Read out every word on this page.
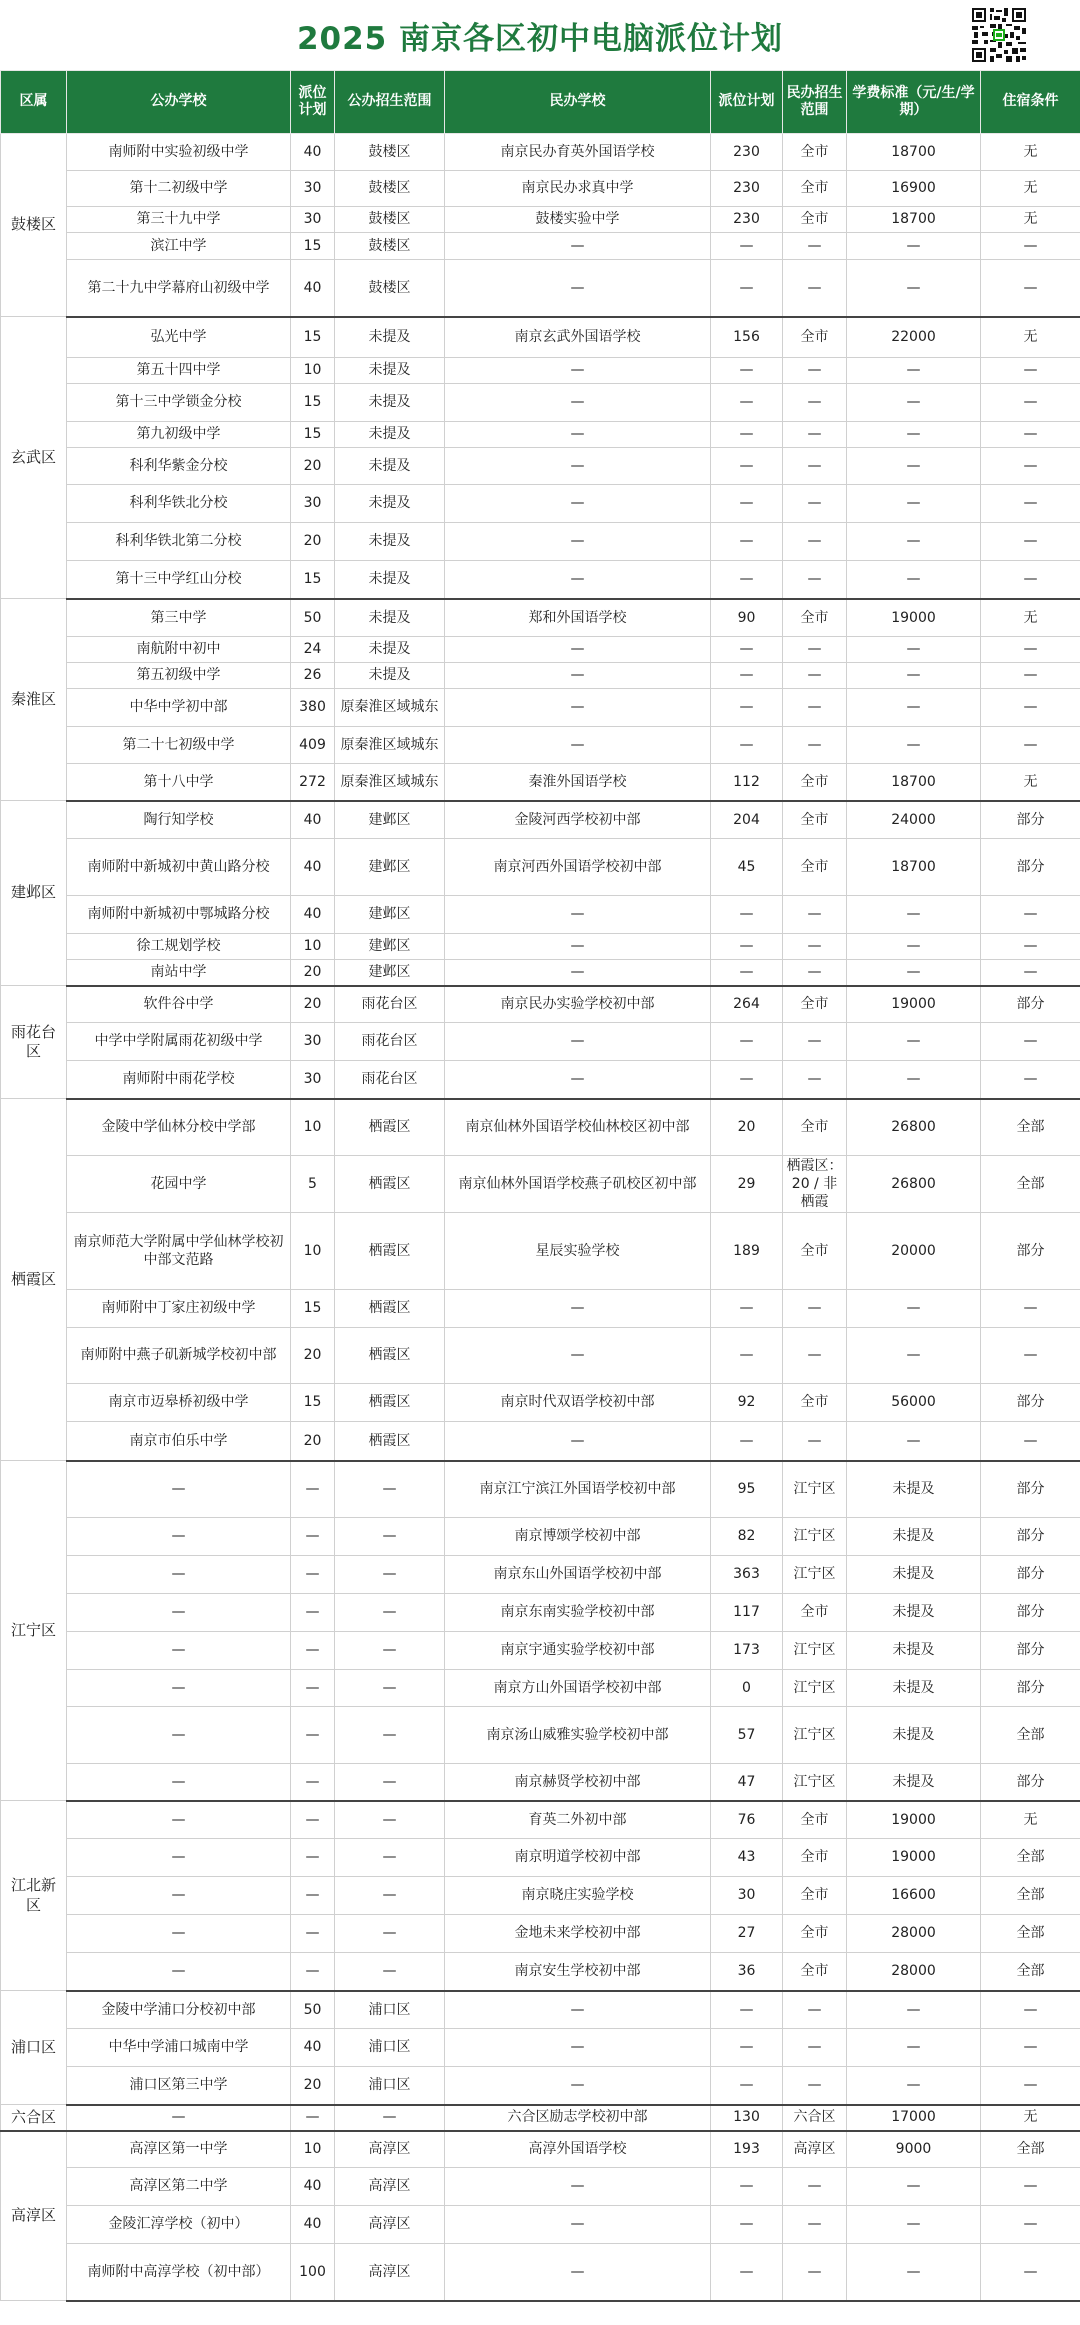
2025 南京各区初中电脑派位计划
区属	公办学校	派位计划	公办招生范围	民办学校	派位计划	民办招生范围	学费标准（元/生/学期）	住宿条件
鼓楼区	南师附中实验初级中学	40	鼓楼区	南京民办育英外国语学校	230	全市	18700	无
	第十二初级中学	30	鼓楼区	南京民办求真中学	230	全市	16900	无
	第三十九中学	30	鼓楼区	鼓楼实验中学	230	全市	18700	无
	滨江中学	15	鼓楼区	—	—	—	—	—
	第二十九中学幕府山初级中学	40	鼓楼区	—	—	—	—	—
玄武区	弘光中学	15	未提及	南京玄武外国语学校	156	全市	22000	无
	第五十四中学	10	未提及	—	—	—	—	—
	第十三中学锁金分校	15	未提及	—	—	—	—	—
	第九初级中学	15	未提及	—	—	—	—	—
	科利华紫金分校	20	未提及	—	—	—	—	—
	科利华铁北分校	30	未提及	—	—	—	—	—
	科利华铁北第二分校	20	未提及	—	—	—	—	—
	第十三中学红山分校	15	未提及	—	—	—	—	—
秦淮区	第三中学	50	未提及	郑和外国语学校	90	全市	19000	无
	南航附中初中	24	未提及	—	—	—	—	—
	第五初级中学	26	未提及	—	—	—	—	—
	中华中学初中部	380	原秦淮区域城东	—	—	—	—	—
	第二十七初级中学	409	原秦淮区域城东	—	—	—	—	—
	第十八中学	272	原秦淮区域城东	秦淮外国语学校	112	全市	18700	无
建邺区	陶行知学校	40	建邺区	金陵河西学校初中部	204	全市	24000	部分
	南师附中新城初中黄山路分校	40	建邺区	南京河西外国语学校初中部	45	全市	18700	部分
	南师附中新城初中鄂城路分校	40	建邺区	—	—	—	—	—
	徐工规划学校	10	建邺区	—	—	—	—	—
	南站中学	20	建邺区	—	—	—	—	—
雨花台区	软件谷中学	20	雨花台区	南京民办实验学校初中部	264	全市	19000	部分
	中学中学附属雨花初级中学	30	雨花台区	—	—	—	—	—
	南师附中雨花学校	30	雨花台区	—	—	—	—	—
栖霞区	金陵中学仙林分校中学部	10	栖霞区	南京仙林外国语学校仙林校区初中部	20	全市	26800	全部
	花园中学	5	栖霞区	南京仙林外国语学校燕子矶校区初中部	29	栖霞区：20 / 非栖霞	26800	全部
	南京师范大学附属中学仙林学校初中部文范路	10	栖霞区	星辰实验学校	189	全市	20000	部分
	南师附中丁家庄初级中学	15	栖霞区	—	—	—	—	—
	南师附中燕子矶新城学校初中部	20	栖霞区	—	—	—	—	—
	南京市迈皋桥初级中学	15	栖霞区	南京时代双语学校初中部	92	全市	56000	部分
	南京市伯乐中学	20	栖霞区	—	—	—	—	—
江宁区	—	—	—	南京江宁滨江外国语学校初中部	95	江宁区	未提及	部分
	—	—	—	南京博颂学校初中部	82	江宁区	未提及	部分
	—	—	—	南京东山外国语学校初中部	363	江宁区	未提及	部分
	—	—	—	南京东南实验学校初中部	117	全市	未提及	部分
	—	—	—	南京宇通实验学校初中部	173	江宁区	未提及	部分
	—	—	—	南京方山外国语学校初中部	0	江宁区	未提及	部分
	—	—	—	南京汤山威雅实验学校初中部	57	江宁区	未提及	全部
	—	—	—	南京赫贤学校初中部	47	江宁区	未提及	部分
江北新区	—	—	—	育英二外初中部	76	全市	19000	无
	—	—	—	南京明道学校初中部	43	全市	19000	全部
	—	—	—	南京晓庄实验学校	30	全市	16600	全部
	—	—	—	金地未来学校初中部	27	全市	28000	全部
	—	—	—	南京安生学校初中部	36	全市	28000	全部
浦口区	金陵中学浦口分校初中部	50	浦口区	—	—	—	—	—
	中华中学浦口城南中学	40	浦口区	—	—	—	—	—
	浦口区第三中学	20	浦口区	—	—	—	—	—
六合区	—	—	—	六合区励志学校初中部	130	六合区	17000	无
高淳区	高淳区第一中学	10	高淳区	高淳外国语学校	193	高淳区	9000	全部
	高淳区第二中学	40	高淳区	—	—	—	—	—
	金陵汇淳学校（初中）	40	高淳区	—	—	—	—	—
	南师附中高淳学校（初中部）	100	高淳区	—	—	—	—	—
